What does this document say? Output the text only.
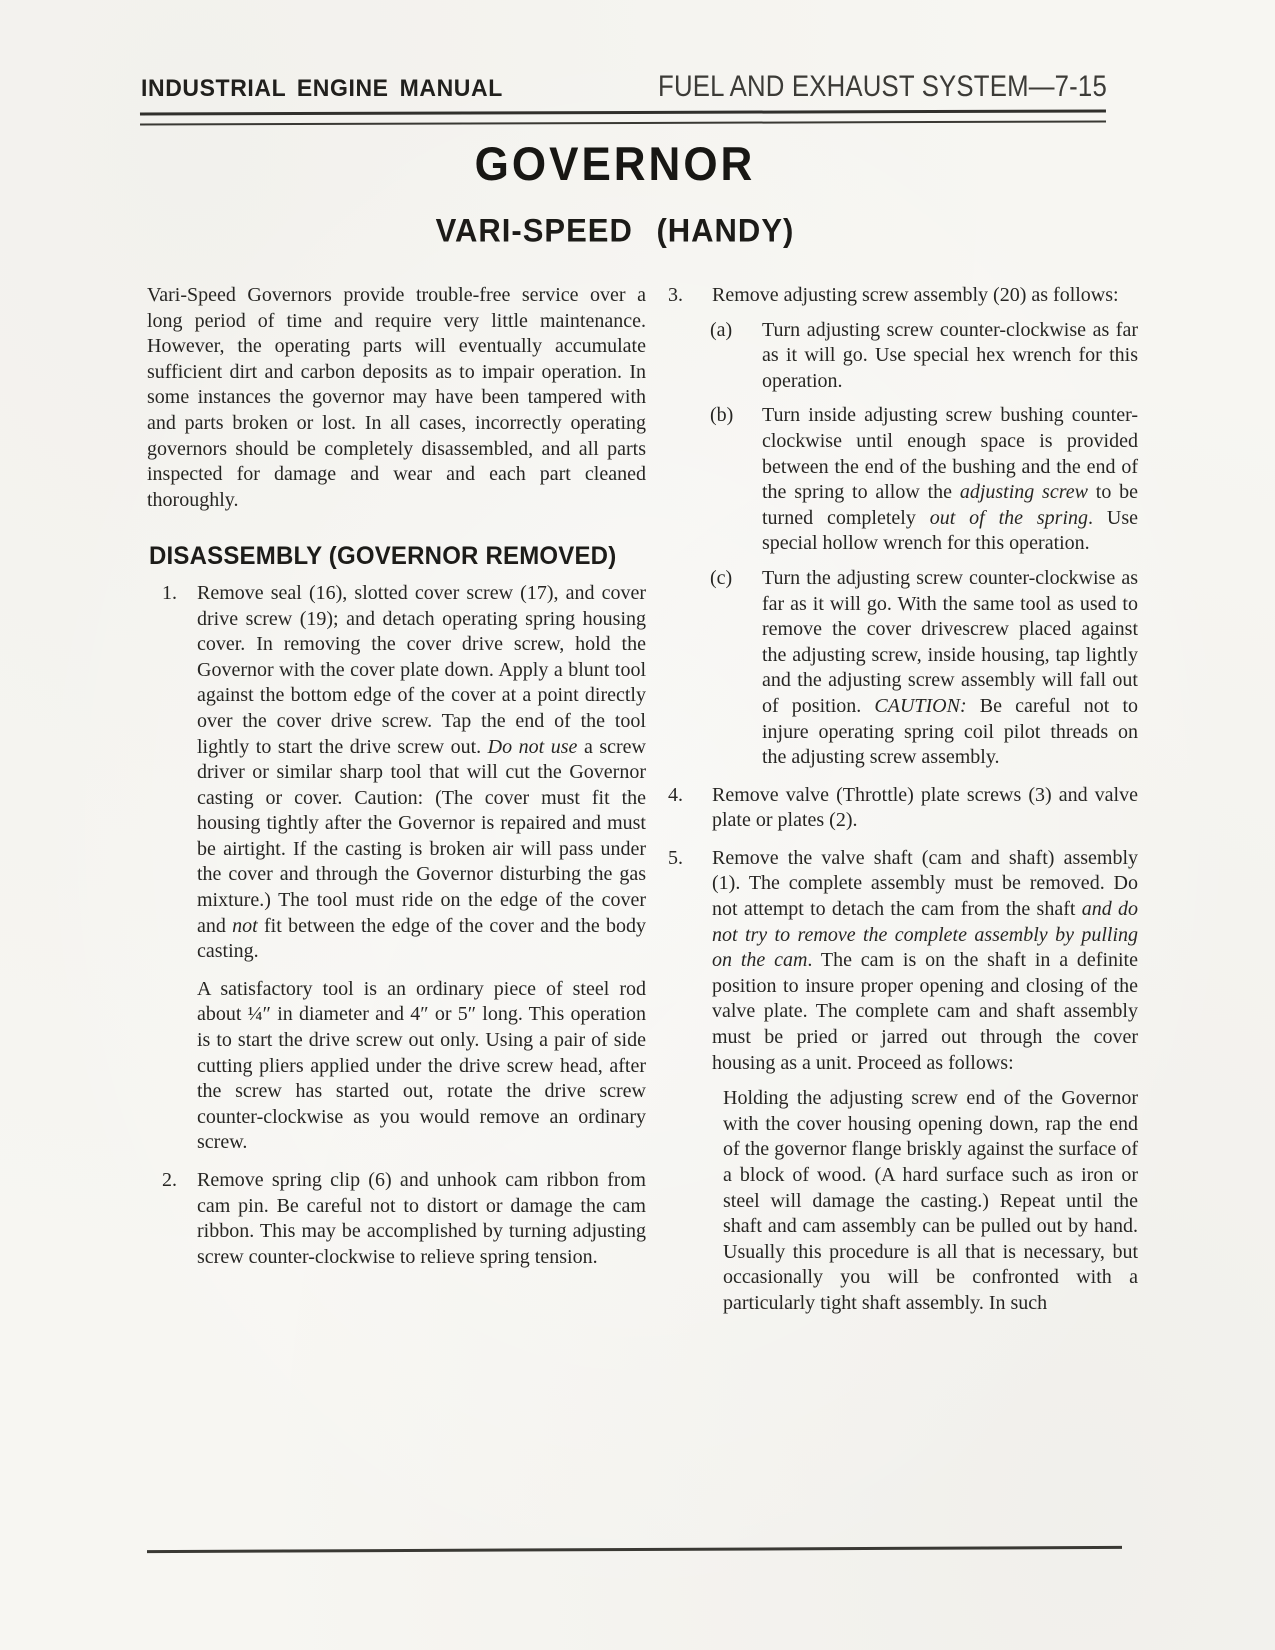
INDUSTRIAL ENGINE MANUAL	FUEL AND EXHAUST SYSTEM—7-15
GOVERNOR
VARI-SPEED (HANDY)

Vari-Speed Governors provide trouble-free service over a long period of time and require very little maintenance. However, the operating parts will eventually accumulate sufficient dirt and carbon deposits as to impair operation. In some instances the governor may have been tampered with and parts broken or lost. In all cases, incorrectly operating governors should be completely disassembled, and all parts inspected for damage and wear and each part cleaned thoroughly.

DISASSEMBLY (GOVERNOR REMOVED)
1.	Remove seal (16), slotted cover screw (17), and cover drive screw (19); and detach operating spring housing cover. In removing the cover drive screw, hold the Governor with the cover plate down. Apply a blunt tool against the bottom edge of the cover at a point directly over the cover drive screw. Tap the end of the tool lightly to start the drive screw out. Do not use a screw driver or similar sharp tool that will cut the Governor casting or cover. Caution: (The cover must fit the housing tightly after the Governor is repaired and must be airtight. If the casting is broken air will pass under the cover and through the Governor disturbing the gas mixture.) The tool must ride on the edge of the cover and not fit between the edge of the cover and the body casting.

A satisfactory tool is an ordinary piece of steel rod about ¼″ in diameter and 4″ or 5″ long. This operation is to start the drive screw out only. Using a pair of side cutting pliers applied under the drive screw head, after the screw has started out, rotate the drive screw counter-clockwise as you would remove an ordinary screw.

2.	Remove spring clip (6) and unhook cam ribbon from cam pin. Be careful not to distort or damage the cam ribbon. This may be accomplished by turning adjusting screw counter-clockwise to relieve spring tension.

3.	Remove adjusting screw assembly (20) as follows:

(a)	Turn adjusting screw counter-clockwise as far as it will go. Use special hex wrench for this operation.

(b)	Turn inside adjusting screw bushing counter-clockwise until enough space is provided between the end of the bushing and the end of the spring to allow the adjusting screw to be turned completely out of the spring. Use special hollow wrench for this operation.

(c)	Turn the adjusting screw counter-clockwise as far as it will go. With the same tool as used to remove the cover drivescrew placed against the adjusting screw, inside housing, tap lightly and the adjusting screw assembly will fall out of position. CAUTION: Be careful not to injure operating spring coil pilot threads on the adjusting screw assembly.

4.	Remove valve (Throttle) plate screws (3) and valve plate or plates (2).

5.	Remove the valve shaft (cam and shaft) assembly (1). The complete assembly must be removed. Do not attempt to detach the cam from the shaft and do not try to remove the complete assembly by pulling on the cam. The cam is on the shaft in a definite position to insure proper opening and closing of the valve plate. The complete cam and shaft assembly must be pried or jarred out through the cover housing as a unit. Proceed as follows:

Holding the adjusting screw end of the Governor with the cover housing opening down, rap the end of the governor flange briskly against the surface of a block of wood. (A hard surface such as iron or steel will damage the casting.) Repeat until the shaft and cam assembly can be pulled out by hand. Usually this procedure is all that is necessary, but occasionally you will be confronted with a particularly tight shaft assembly. In such
